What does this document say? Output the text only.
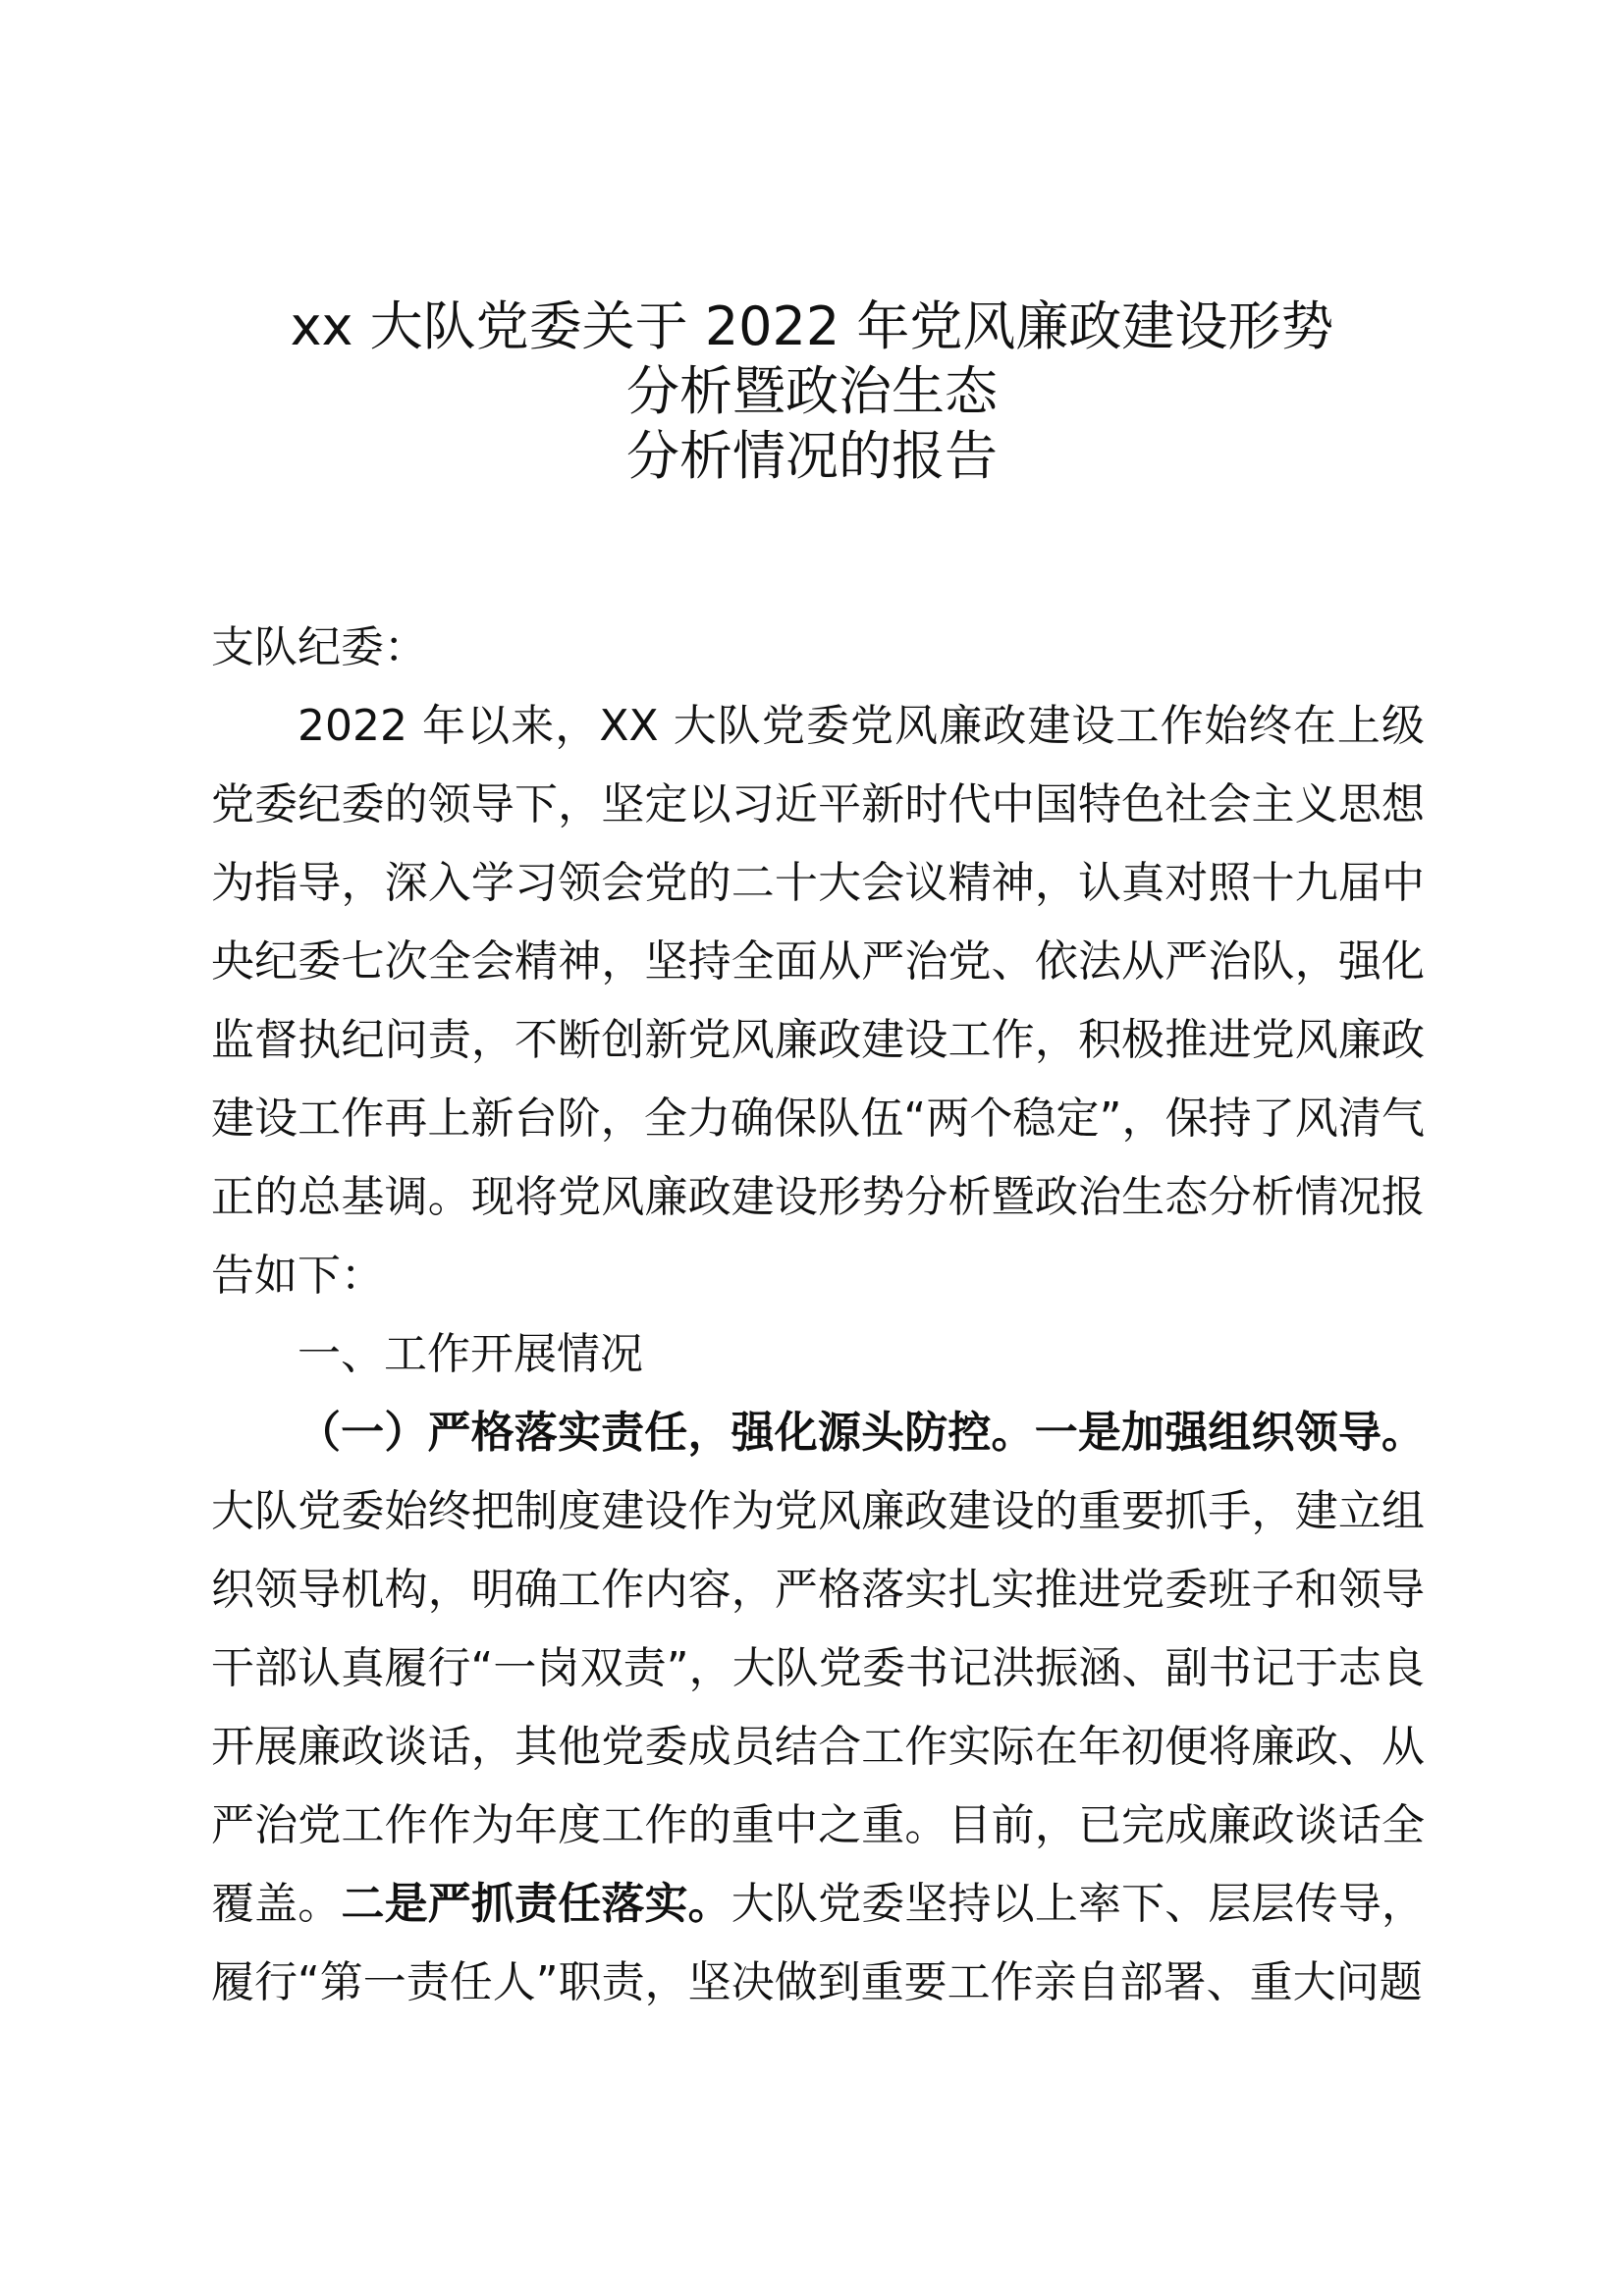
xx 大队党委关于 2022 年党风廉政建设形势
分析暨政治生态
分析情况的报告

支队纪委：

2022 年以来，XX 大队党委党风廉政建设工作始终在上级党委纪委的领导下，坚定以习近平新时代中国特色社会主义思想为指导，深入学习领会党的二十大会议精神，认真对照十九届中央纪委七次全会精神，坚持全面从严治党、依法从严治队，强化监督执纪问责，不断创新党风廉政建设工作，积极推进党风廉政建设工作再上新台阶，全力确保队伍“两个稳定”，保持了风清气正的总基调。现将党风廉政建设形势分析暨政治生态分析情况报告如下：

一、工作开展情况

（一）严格落实责任，强化源头防控。一是加强组织领导。大队党委始终把制度建设作为党风廉政建设的重要抓手，建立组织领导机构，明确工作内容，严格落实扎实推进党委班子和领导干部认真履行“一岗双责”，大队党委书记洪振涵、副书记于志良开展廉政谈话，其他党委成员结合工作实际在年初便将廉政、从严治党工作作为年度工作的重中之重。目前，已完成廉政谈话全覆盖。二是严抓责任落实。大队党委坚持以上率下、层层传导，履行“第一责任人”职责，坚决做到重要工作亲自部署、重大问题
